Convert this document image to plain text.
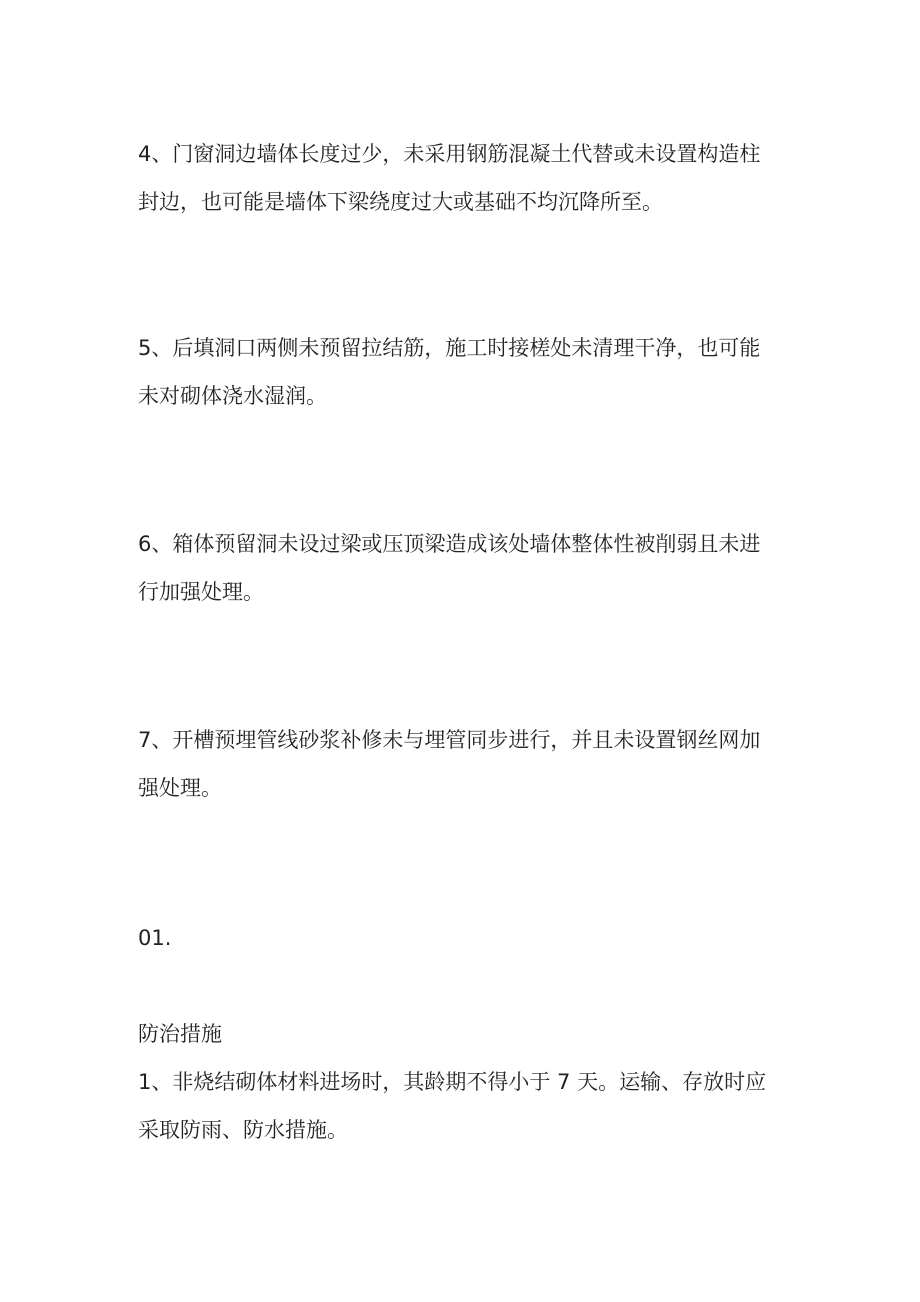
4、门窗洞边墙体长度过少，未采用钢筋混凝土代替或未设置构造柱
封边，也可能是墙体下梁绕度过大或基础不均沉降所至。

5、后填洞口两侧未预留拉结筋，施工时接槎处未清理干净，也可能
未对砌体浇水湿润。

6、箱体预留洞未设过梁或压顶梁造成该处墙体整体性被削弱且未进
行加强处理。

7、开槽预埋管线砂浆补修未与埋管同步进行，并且未设置钢丝网加
强处理。

01.

防治措施

1、非烧结砌体材料进场时，其龄期不得小于 7 天。运输、存放时应
采取防雨、防水措施。
